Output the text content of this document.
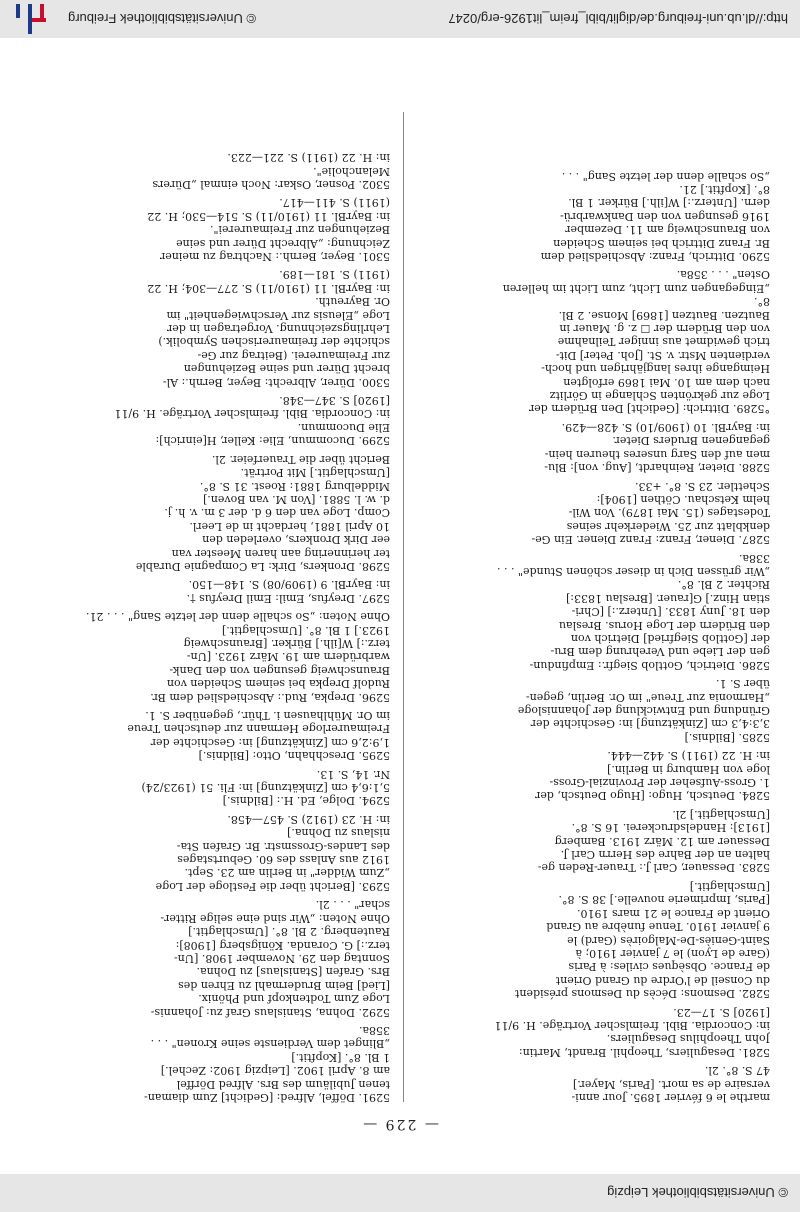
© Universitätsbibliothek Leipzig
— 229 —
marthe le 6 février 1895. Jour anni-
versaire de sa mort. [Paris, Mayer.]
47 S. 8°. 2l.
5281. Desaguliers, Theophil. Brandt, Martin:
John Theophilus Desaguliers.
in: Concordia. Bibl. freimlscher Vorträge. H. 9/11
[1920] S. 17—23.
5282. Desmons: Décès du Desmons président
du Conseil de l'Ordre du Grand Orient
de France. Obsèques civiles: à Paris
(Gare de Lyon) le 7 janvier 1910; à
Saint-Geniès-De-Malgoirès (Gard) le
9 janvier 1910. Tenue funèbre au Grand
Orient de France le 21 mars 1910.
[Paris, Imprimerie nouvelle.] 38 S. 8°.
[Umschlagtit.]
5283. Dessauer, Carl J.: Trauer-Reden ge-
halten an der Bahre des Herrn Carl J.
Dessauer am 12. März 1913. Bamberg
[1913]: Handelsdruckerei. 16 S. 8°.
[Umschlagtit.] 2l.
5284. Deutsch, Hugo: [Hugo Deutsch, der
1. Gross-Aufseher der Provinzial-Gross-
loge von Hamburg in Berlin.]
in: H. 22 (1911) S. 442—444.
5285. [Bildnis.]
3,3:4,3 cm [Zinkätzung] in: Geschichte der
Gründung und Entwicklung der Johannisloge
„Harmonia zur Treue" im Or. Berlin, gegen-
über S. 1.
5286. Dietrich, Gottlob Siegfr.: Empfindun-
gen der Liebe und Verehrung dem Bru-
der [Gottlob Siegfried] Dietrich von
den Brüdern der Loge Horus. Breslau
den 18. Juny 1833. [Unterz.:] [Chri-
stian Hinz.] G[rauer. [Breslau 1833:]
Richter. 2 Bl. 8°.
„Wir grüssen Dich in dieser schönen Stunde" . . .
338a.
5287. Diener, Franz: Franz Diener. Ein Ge-
denkblatt zur 25. Wiederkehr seines
Todestages (15. Mai 1879). Von Wil-
helm Ketschau. Cöthen [1904]:
Schettler. 23 S. 8°. +33.
5288. Dieter, Reinhardt, [Aug. von]: Blu-
men auf den Sarg unseres theuren hein-
gegangenen Bruders Dieter.
in: BayrBl. 10 (1909/10) S. 428—429.
°5289. Dittrich: [Gedicht] Den Brüdern der
Loge zur gekrönten Schlange in Görlitz
nach dem am 10. Mai 1869 erfolgten
Heimgange ihres langjährigen und hoch-
verdienten Mstr. v. St. [Joh. Peter] Dit-
trich gewidmet aus inniger Teilnahme
von den Brüdern der ☐ z. g. Mauer in
Bautzen. Bautzen [1869] Monse. 2 Bl.
8°.
„Eingegangen zum Licht, zum Licht im helleren
Osten" . . . 358a.
5290. Dittrich, Franz: Abschiedslied dem
Br. Franz Dittrich bei seinem Scheiden
von Braunschweig am 11. Dezember
1916 gesungen von den Dankwarbrü-
dern. [Unterz.:] W[ilh.] Bürker. 1 Bl.
8°. [Kopftit.] 21.
„So schalle denn der letzte Sang" . . .
5291. Döffel, Alfred: [Gedicht] Zum diaman-
tenen Jubiläum des Brs. Alfred Dörffel
am 8. April 1902. [Leipzig 1902: Zechel.]
1 Bl. 8°. [Kopftit.]
„Blinget dem Verdienste seine Kronen" . . .
358a.
5292. Dohna, Stanislaus Graf zu: Johannis-
Loge Zum Todtenkopf und Phönix.
[Lied] Beim Brudermahl zu Ehren des
Brs. Grafen [Stanislaus] zu Dohna.
Sonntag den 29. November 1908. [Un-
terz.:] G. Coranda. Königsberg [1908]:
Rautenberg. 2 Bl. 8°. [Umschlagtit.]
Ohne Noten: „Wir sind eine selige Ritter-
schar" . . . 2l.
5293. [Bericht über die Festloge der Loge
„Zum Widder" in Berlin am 23. Sept.
1912 aus Anlass des 60. Geburtstages
des Landes-Grossmstr. Br. Grafen Sta-
nislaus zu Dohna.]
in: H. 23 (1912) S. 457—458.
5294. Dolge, Ed. H.: [Bildnis.]
5,1:6,4 cm [Zinkätzung] in: Fli. 51 (1923/24)
Nr. 14, S. 13.
5295. Dreschhahn, Otto: [Bildnis.]
1,9:2,6 cm [Zinkätzung] in: Geschichte der
Freimaurerloge Hermann zur deutschen Treue
im Or. Mühlhausen i. Thür., gegenüber S. 1.
5296. Drepka, Rud.: Abschiedslied dem Br.
Rudolf Drepka bei seinem Scheiden von
Braunschweig gesungen von den Dank-
warbrüdern am 19. März 1923. [Un-
terz.:] W[ilh.] Bürker. [Braunschweig
1923.] 1 Bl. 8°. [Umschlagtit.]
Ohne Noten: „So schalle denn der letzte Sang" . . . 21.
5297. Dreyfus, Emil: Emil Dreyfus †.
in: BayrBl. 9 (1909/08) S. 148—150.
5298. Dronkers, Dirk: La Compagnie Durable
ter herinnering aan haren Meester van
eer Dirk Dronkers, overleden den
10 April 1881, herdacht in de Leerl.
Comp. Loge van den 6 d. der 3 m. v. h. j.
d. w. l. 5881. [Von M. van Boven.]
Middelburg 1881: Roest. 31 S. 8°.
[Umschlagtit.] Mit Porträt.
Bericht über die Trauerfeier. 2l.
5299. Ducommun, Elie: Keller, H[einrich]:
Elie Ducommun.
in: Concordia. Bibl. freimlscher Vorträge. H. 9/11
[1920] S. 347—348.
5300. Dürer, Albrecht: Beyer, Bernh.: Al-
brecht Dürer und seine Beziehungen
zur Freimaurerei. (Beitrag zur Ge-
schichte der freimaurerischen Symbolik.)
Lehrlingszeichnung. Vorgetragen in der
Loge „Eleusis zur Verschwiegenheit" im
Or. Bayreuth.
in: BayrBl. 11 (1910/11) S. 277—304; H. 22
(1911) S. 181—189.
5301. Beyer, Bernh.: Nachtrag zu meiner
Zeichnung: „Albrecht Dürer und seine
Beziehungen zur Freimaurerei".
in: BayrBl. 11 (1910/11) S. 514—530; H. 22
(1911) S. 411—417.
5302. Posner, Oskar: Noch einmal „Dürers
Melancholie".
in: H. 22 (1911) S. 221—223.
http://dl.ub.uni-freiburg.de/diglit/bibl_freim_lit1926-erg/0247
© Universitätsbibliothek Freiburg
